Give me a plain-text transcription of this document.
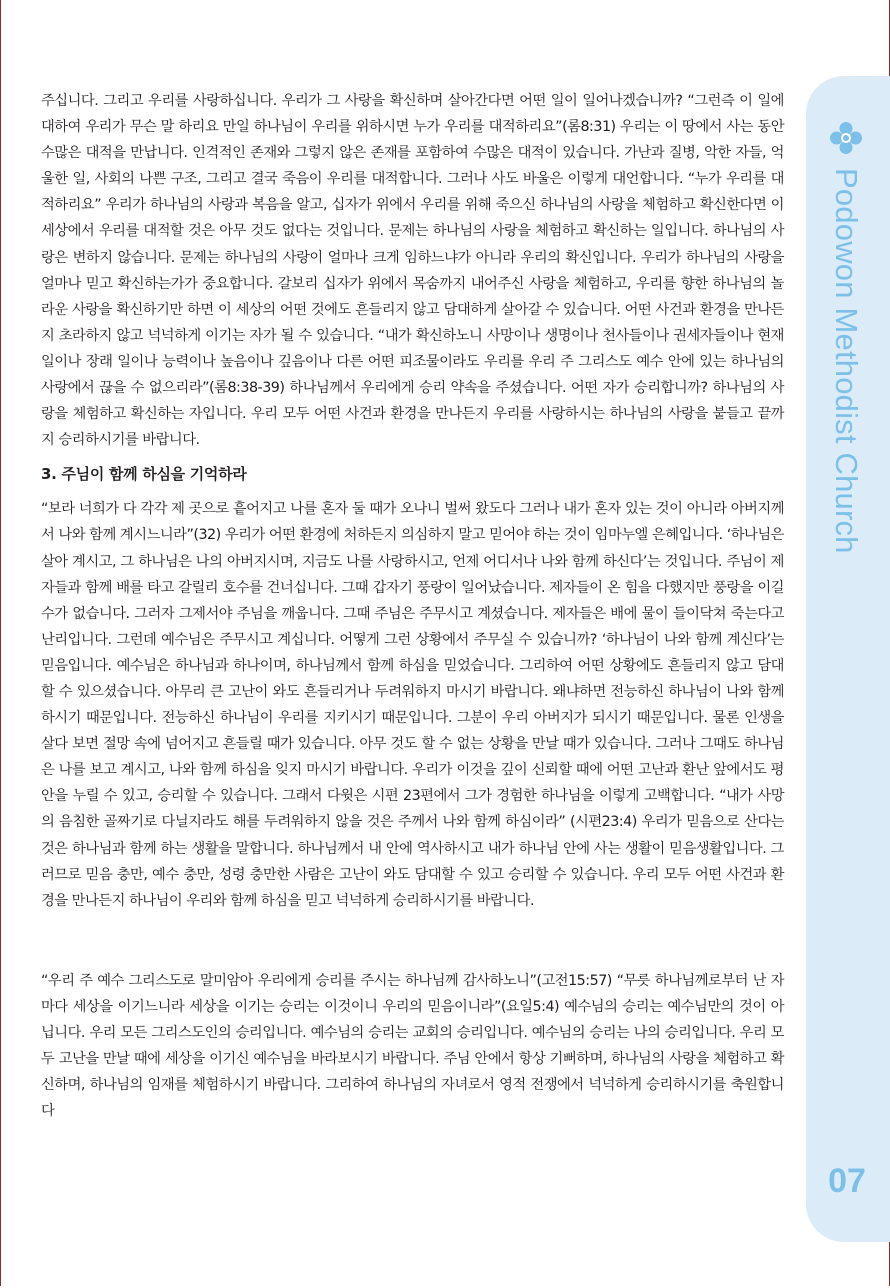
Podowon Methodist Church
07

주십니다. 그리고 우리를 사랑하십니다. 우리가 그 사랑을 확신하며 살아간다면 어떤 일이 일어나겠습니까? “그런즉 이 일에 대하여 우리가 무슨 말 하리요 만일 하나님이 우리를 위하시면 누가 우리를 대적하리요”(롬8:31) 우리는 이 땅에서 사는 동안 수많은 대적을 만납니다. 인격적인 존재와 그렇지 않은 존재를 포함하여 수많은 대적이 있습니다. 가난과 질병, 악한 자들, 억울한 일, 사회의 나쁜 구조, 그리고 결국 죽음이 우리를 대적합니다. 그러나 사도 바울은 이렇게 대언합니다. “누가 우리를 대적하리요” 우리가 하나님의 사랑과 복음을 알고, 십자가 위에서 우리를 위해 죽으신 하나님의 사랑을 체험하고 확신한다면 이 세상에서 우리를 대적할 것은 아무 것도 없다는 것입니다. 문제는 하나님의 사랑을 체험하고 확신하는 일입니다. 하나님의 사랑은 변하지 않습니다. 문제는 하나님의 사랑이 얼마나 크게 임하느냐가 아니라 우리의 확신입니다. 우리가 하나님의 사랑을 얼마나 믿고 확신하는가가 중요합니다. 갈보리 십자가 위에서 목숨까지 내어주신 사랑을 체험하고, 우리를 향한 하나님의 놀라운 사랑을 확신하기만 하면 이 세상의 어떤 것에도 흔들리지 않고 담대하게 살아갈 수 있습니다. 어떤 사건과 환경을 만나든지 초라하지 않고 넉넉하게 이기는 자가 될 수 있습니다. “내가 확신하노니 사망이나 생명이나 천사들이나 권세자들이나 현재 일이나 장래 일이나 능력이나 높음이나 깊음이나 다른 어떤 피조물이라도 우리를 우리 주 그리스도 예수 안에 있는 하나님의 사랑에서 끊을 수 없으리라”(롬8:38-39) 하나님께서 우리에게 승리 약속을 주셨습니다. 어떤 자가 승리합니까? 하나님의 사랑을 체험하고 확신하는 자입니다. 우리 모두 어떤 사건과 환경을 만나든지 우리를 사랑하시는 하나님의 사랑을 붙들고 끝까지 승리하시기를 바랍니다.

3. 주님이 함께 하심을 기억하라

“보라 너희가 다 각각 제 곳으로 흩어지고 나를 혼자 둘 때가 오나니 벌써 왔도다 그러나 내가 혼자 있는 것이 아니라 아버지께서 나와 함께 계시느니라”(32) 우리가 어떤 환경에 처하든지 의심하지 말고 믿어야 하는 것이 임마누엘 은혜입니다. ‘하나님은 살아 계시고, 그 하나님은 나의 아버지시며, 지금도 나를 사랑하시고, 언제 어디서나 나와 함께 하신다’는 것입니다. 주님이 제자들과 함께 배를 타고 갈릴리 호수를 건너십니다. 그때 갑자기 풍랑이 일어났습니다. 제자들이 온 힘을 다했지만 풍랑을 이길 수가 없습니다. 그러자 그제서야 주님을 깨웁니다. 그때 주님은 주무시고 계셨습니다. 제자들은 배에 물이 들이닥쳐 죽는다고 난리입니다. 그런데 예수님은 주무시고 계십니다. 어떻게 그런 상황에서 주무실 수 있습니까? ‘하나님이 나와 함께 계신다’는 믿음입니다. 예수님은 하나님과 하나이며, 하나님께서 함께 하심을 믿었습니다. 그리하여 어떤 상황에도 흔들리지 않고 담대할 수 있으셨습니다. 아무리 큰 고난이 와도 흔들리거나 두려워하지 마시기 바랍니다. 왜냐하면 전능하신 하나님이 나와 함께 하시기 때문입니다. 전능하신 하나님이 우리를 지키시기 때문입니다. 그분이 우리 아버지가 되시기 때문입니다. 물론 인생을 살다 보면 절망 속에 넘어지고 흔들릴 때가 있습니다. 아무 것도 할 수 없는 상황을 만날 때가 있습니다. 그러나 그때도 하나님은 나를 보고 계시고, 나와 함께 하심을 잊지 마시기 바랍니다. 우리가 이것을 깊이 신뢰할 때에 어떤 고난과 환난 앞에서도 평안을 누릴 수 있고, 승리할 수 있습니다. 그래서 다윗은 시편 23편에서 그가 경험한 하나님을 이렇게 고백합니다. “내가 사망의 음침한 골짜기로 다닐지라도 해를 두려워하지 않을 것은 주께서 나와 함께 하심이라” (시편23:4) 우리가 믿음으로 산다는 것은 하나님과 함께 하는 생활을 말합니다. 하나님께서 내 안에 역사하시고 내가 하나님 안에 사는 생활이 믿음생활입니다. 그러므로 믿음 충만, 예수 충만, 성령 충만한 사람은 고난이 와도 담대할 수 있고 승리할 수 있습니다. 우리 모두 어떤 사건과 환경을 만나든지 하나님이 우리와 함께 하심을 믿고 넉넉하게 승리하시기를 바랍니다.

“우리 주 예수 그리스도로 말미암아 우리에게 승리를 주시는 하나님께 감사하노니”(고전15:57) “무릇 하나님께로부터 난 자마다 세상을 이기느니라 세상을 이기는 승리는 이것이니 우리의 믿음이니라”(요일5:4) 예수님의 승리는 예수님만의 것이 아닙니다. 우리 모든 그리스도인의 승리입니다. 예수님의 승리는 교회의 승리입니다. 예수님의 승리는 나의 승리입니다. 우리 모두 고난을 만날 때에 세상을 이기신 예수님을 바라보시기 바랍니다. 주님 안에서 항상 기뻐하며, 하나님의 사랑을 체험하고 확신하며, 하나님의 임재를 체험하시기 바랍니다. 그리하여 하나님의 자녀로서 영적 전쟁에서 넉넉하게 승리하시기를 축원합니다
